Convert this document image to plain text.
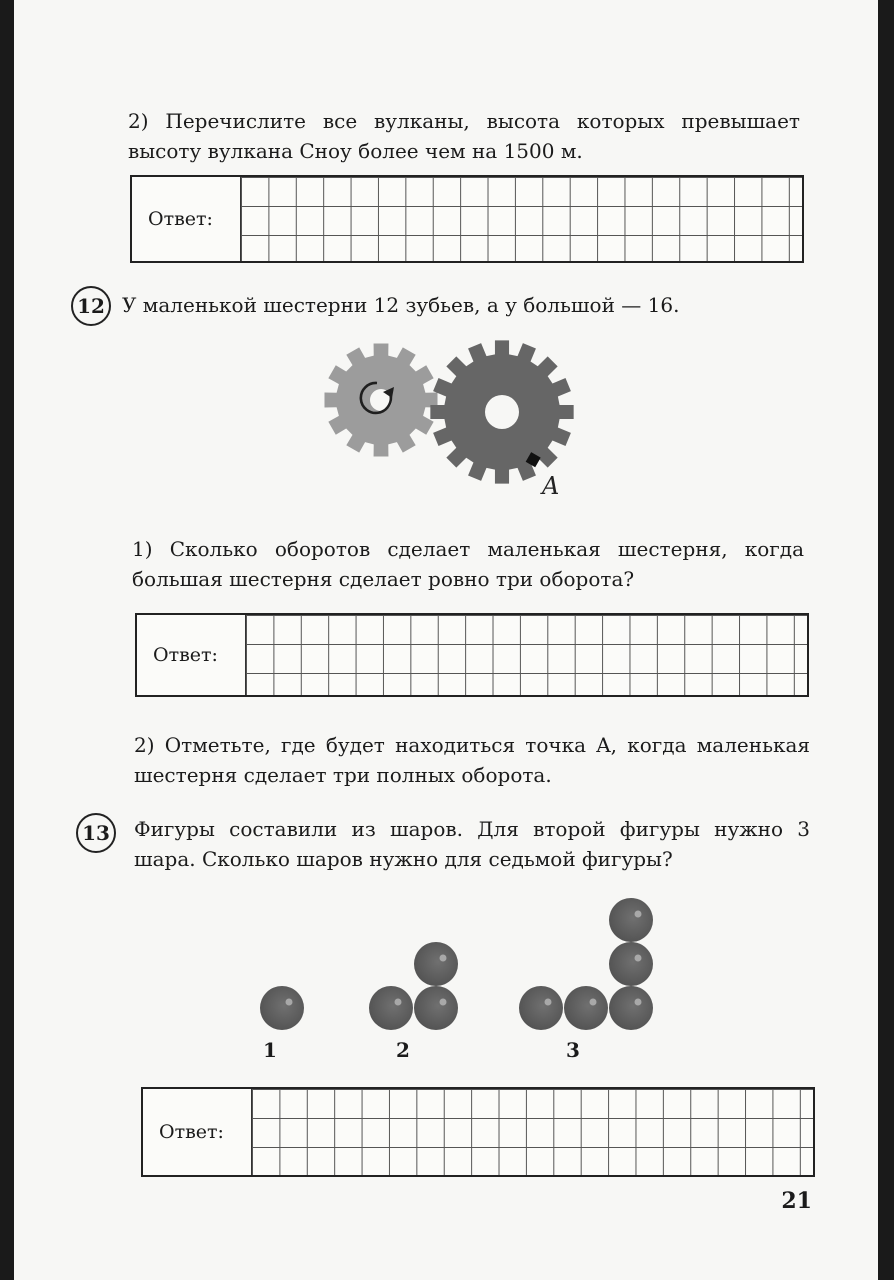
2) Перечислите все вулканы, высота которых превышает
высоту вулкана Сноу более чем на 1500 м.

Ответ:
12 У маленькой шестерни 12 зубьев, а у большой — 16.

A

1) Сколько оборотов сделает маленькая шестерня, когда
большая шестерня сделает ровно три оборота?

Ответ:

2) Отметьте, где будет находиться точка A, когда маленькая
шестерня сделает три полных оборота.

13	Фигуры составили из шаров. Для второй фигуры нужно 3
шара. Сколько шаров нужно для седьмой фигуры?

1	2	3
Ответ:
21
